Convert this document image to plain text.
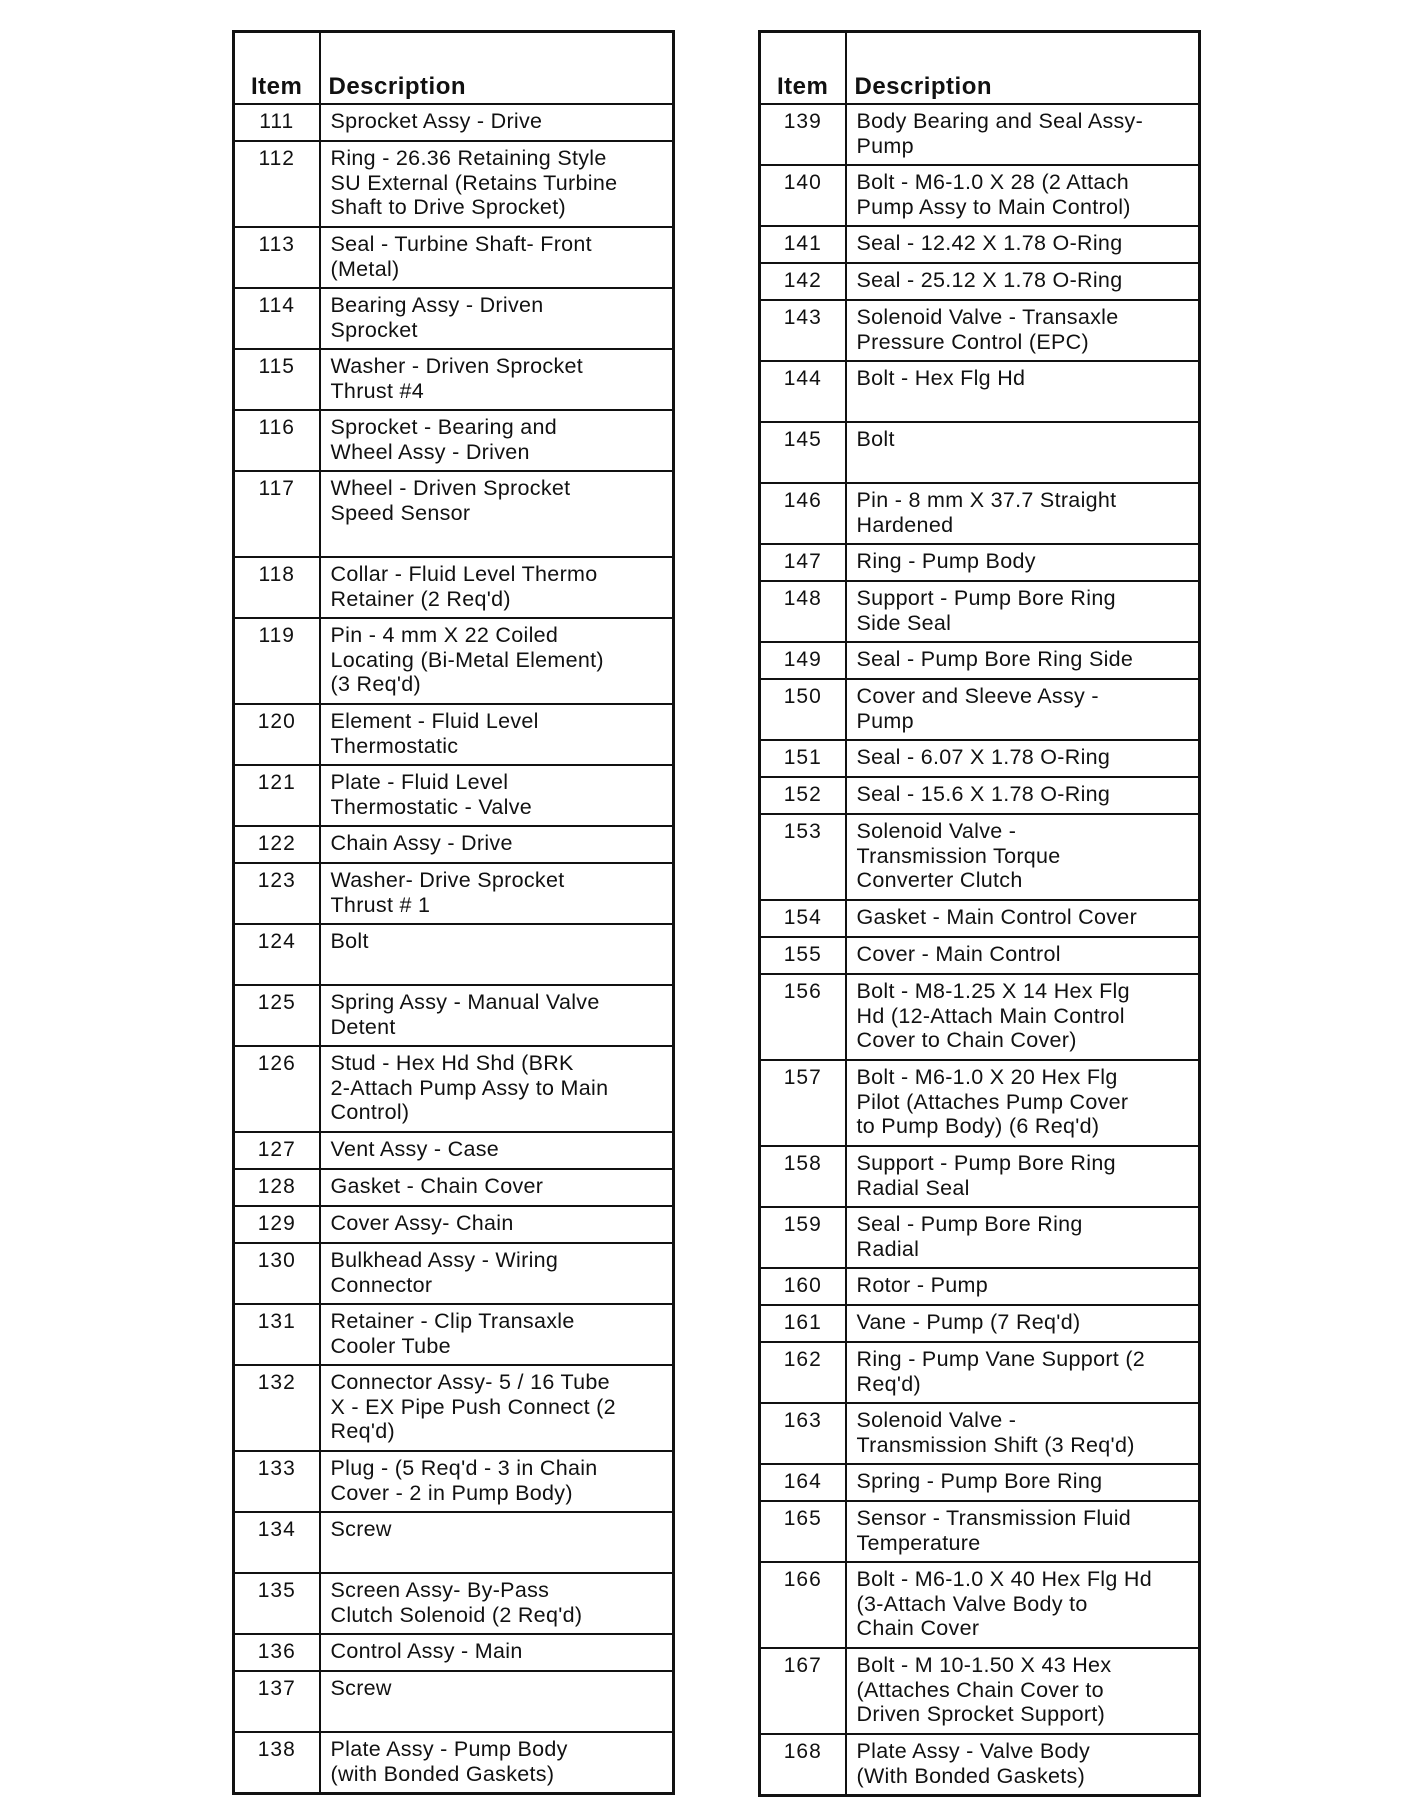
Item	Description
111	Sprocket Assy - Drive
112	Ring - 26.36 Retaining Style
SU External (Retains Turbine
Shaft to Drive Sprocket)
113	Seal - Turbine Shaft- Front
(Metal)
114	Bearing Assy - Driven
Sprocket
115	Washer - Driven Sprocket
Thrust #4
116	Sprocket - Bearing and
Wheel Assy - Driven
117	Wheel - Driven Sprocket
Speed Sensor
118	Collar - Fluid Level Thermo
Retainer (2 Req'd)
119	Pin - 4 mm X 22 Coiled
Locating (Bi-Metal Element)
(3 Req'd)
120	Element - Fluid Level
Thermostatic
121	Plate - Fluid Level
Thermostatic - Valve
122	Chain Assy - Drive
123	Washer- Drive Sprocket
Thrust # 1
124	Bolt
125	Spring Assy - Manual Valve
Detent
126	Stud - Hex Hd Shd (BRK
2-Attach Pump Assy to Main
Control)
127	Vent Assy - Case
128	Gasket - Chain Cover
129	Cover Assy- Chain
130	Bulkhead Assy - Wiring
Connector
131	Retainer - Clip Transaxle
Cooler Tube
132	Connector Assy- 5 / 16 Tube
X - EX Pipe Push Connect (2
Req'd)
133	Plug - (5 Req'd - 3 in Chain
Cover - 2 in Pump Body)
134	Screw
135	Screen Assy- By-Pass
Clutch Solenoid (2 Req'd)
136	Control Assy - Main
137	Screw
138	Plate Assy - Pump Body
(with Bonded Gaskets)
Item	Description
139	Body Bearing and Seal Assy-
Pump
140	Bolt - M6-1.0 X 28 (2 Attach
Pump Assy to Main Control)
141	Seal - 12.42 X 1.78 O-Ring
142	Seal - 25.12 X 1.78 O-Ring
143	Solenoid Valve - Transaxle
Pressure Control (EPC)
144	Bolt - Hex Flg Hd
145	Bolt
146	Pin - 8 mm X 37.7 Straight
Hardened
147	Ring - Pump Body
148	Support - Pump Bore Ring
Side Seal
149	Seal - Pump Bore Ring Side
150	Cover and Sleeve Assy -
Pump
151	Seal - 6.07 X 1.78 O-Ring
152	Seal - 15.6 X 1.78 O-Ring
153	Solenoid Valve -
Transmission Torque
Converter Clutch
154	Gasket - Main Control Cover
155	Cover - Main Control
156	Bolt - M8-1.25 X 14 Hex Flg
Hd (12-Attach Main Control
Cover to Chain Cover)
157	Bolt - M6-1.0 X 20 Hex Flg
Pilot (Attaches Pump Cover
to Pump Body) (6 Req'd)
158	Support - Pump Bore Ring
Radial Seal
159	Seal - Pump Bore Ring
Radial
160	Rotor - Pump
161	Vane - Pump (7 Req'd)
162	Ring - Pump Vane Support (2
Req'd)
163	Solenoid Valve -
Transmission Shift (3 Req'd)
164	Spring - Pump Bore Ring
165	Sensor - Transmission Fluid
Temperature
166	Bolt - M6-1.0 X 40 Hex Flg Hd
(3-Attach Valve Body to
Chain Cover
167	Bolt - M 10-1.50 X 43 Hex
(Attaches Chain Cover to
Driven Sprocket Support)
168	Plate Assy - Valve Body
(With Bonded Gaskets)
